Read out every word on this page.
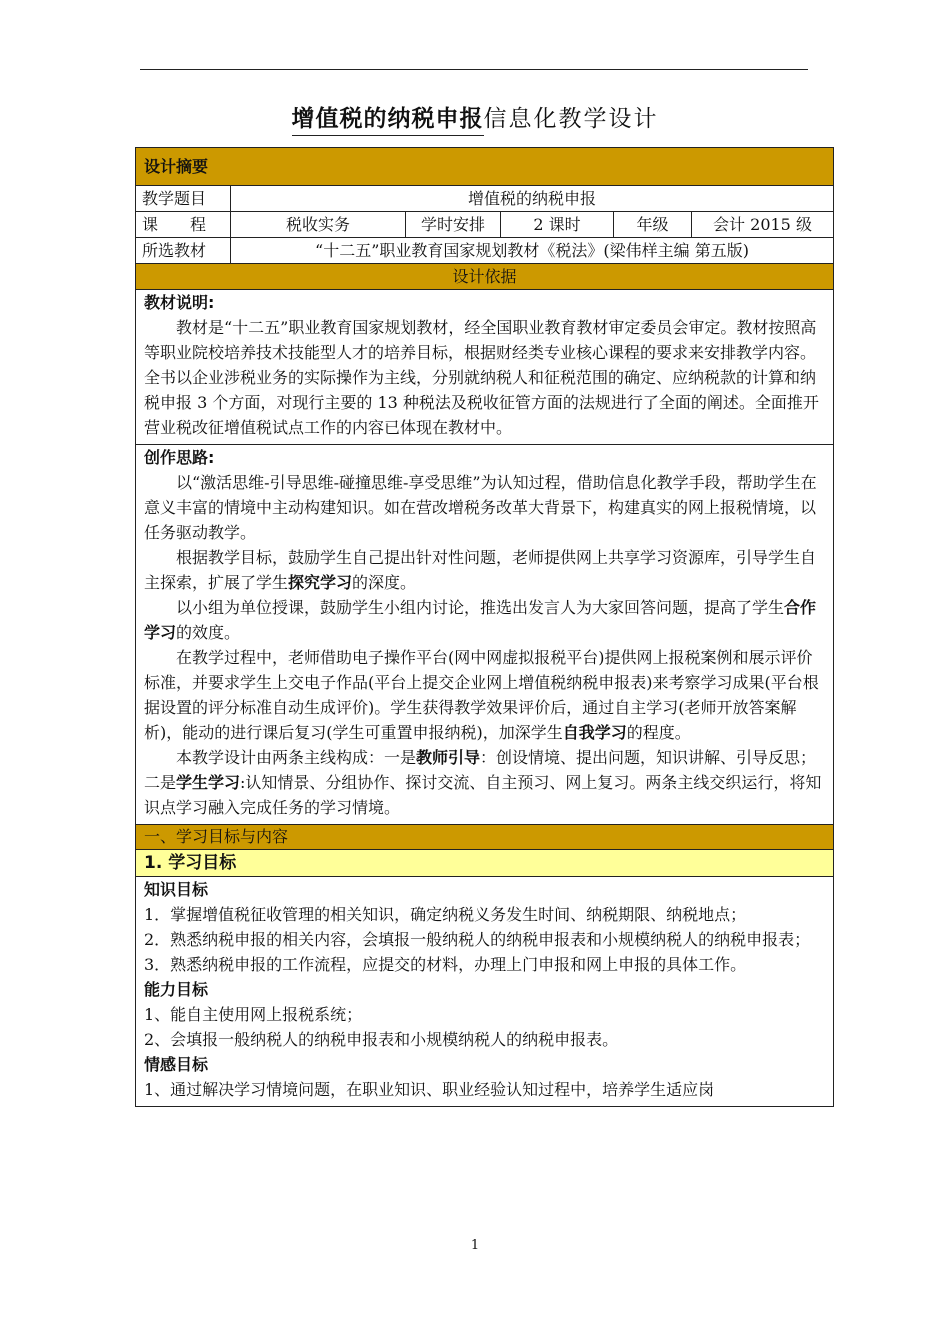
增值税的纳税申报信息化教学设计
设计摘要
教学题目	增值税的纳税申报
课　　程	税收实务	学时安排	2 课时	年级	会计 2015 级
所选教材	“十二五”职业教育国家规划教材《税法》(梁伟样主编 第五版)
设计依据
教材说明:

教材是“十二五”职业教育国家规划教材，经全国职业教育教材审定委员会审定。教材按照高等职业院校培养技术技能型人才的培养目标，根据财经类专业核心课程的要求来安排教学内容。全书以企业涉税业务的实际操作为主线，分别就纳税人和征税范围的确定、应纳税款的计算和纳税申报 3 个方面，对现行主要的 13 种税法及税收征管方面的法规进行了全面的阐述。全面推开营业税改征增值税试点工作的内容已体现在教材中。

创作思路:

以“激活思维-引导思维-碰撞思维-享受思维”为认知过程，借助信息化教学手段，帮助学生在意义丰富的情境中主动构建知识。如在营改增税务改革大背景下，构建真实的网上报税情境，以任务驱动教学。

根据教学目标，鼓励学生自己提出针对性问题，老师提供网上共享学习资源库，引导学生自主探索，扩展了学生探究学习的深度。

以小组为单位授课，鼓励学生小组内讨论，推选出发言人为大家回答问题，提高了学生合作学习的效度。

在教学过程中，老师借助电子操作平台(网中网虚拟报税平台)提供网上报税案例和展示评价标准，并要求学生上交电子作品(平台上提交企业网上增值税纳税申报表)来考察学习成果(平台根据设置的评分标准自动生成评价)。学生获得教学效果评价后，通过自主学习(老师开放答案解析)，能动的进行课后复习(学生可重置申报纳税)，加深学生自我学习的程度。

本教学设计由两条主线构成：一是教师引导：创设情境、提出问题，知识讲解、引导反思；二是学生学习:认知情景、分组协作、探讨交流、自主预习、网上复习。两条主线交织运行，将知识点学习融入完成任务的学习情境。

一、学习目标与内容
1. 学习目标
知识目标

1．掌握增值税征收管理的相关知识，确定纳税义务发生时间、纳税期限、纳税地点；

2．熟悉纳税申报的相关内容，会填报一般纳税人的纳税申报表和小规模纳税人的纳税申报表；

3．熟悉纳税申报的工作流程，应提交的材料，办理上门申报和网上申报的具体工作。

能力目标

1、能自主使用网上报税系统；

2、会填报一般纳税人的纳税申报表和小规模纳税人的纳税申报表。

情感目标

1、通过解决学习情境问题，在职业知识、职业经验认知过程中，培养学生适应岗

1
